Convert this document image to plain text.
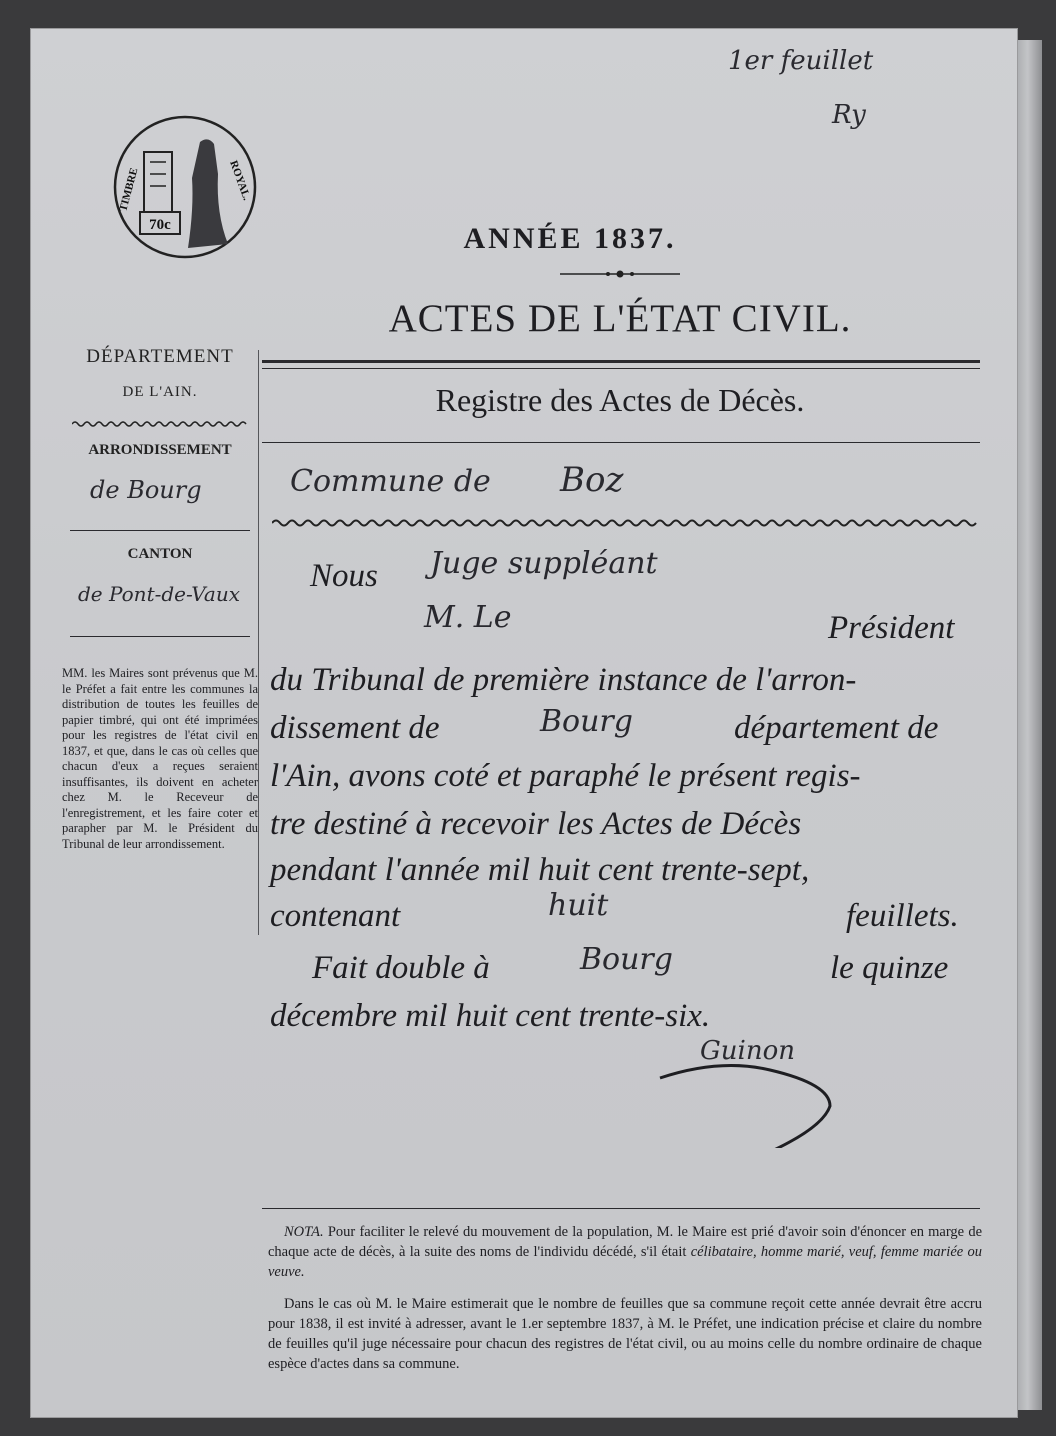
1er feuillet
Ry
70c
TIMBRE	ROYAL.
ANNÉE 1837.
ACTES DE L'ÉTAT CIVIL.
Registre des Actes de Décès.
Commune de Boz
DÉPARTEMENT
DE L'AIN.
ARRONDISSEMENT
de Bourg
CANTON
de Pont-de-Vaux
MM. les Maires sont prévenus que M. le Préfet a fait entre les communes la distribution de toutes les feuilles de papier timbré, qui ont été imprimées pour les registres de l'état civil en 1837, et que, dans le cas où celles que chacun d'eux a reçues seraient insuffisantes, ils doivent en acheter chez M. le Receveur de l'enregistrement, et les faire coter et parapher par M. le Président du Tribunal de leur arrondissement.
Nous	Juge suppléant
M. Le	Président
du Tribunal de première instance de l'arron-
dissement de	Bourg	département de
l'Ain, avons coté et paraphé le présent regis-
tre destiné à recevoir les Actes de Décès
pendant l'année mil huit cent trente-sept,
contenant	huit	feuillets.
Fait double à	Bourg	le quinze
décembre mil huit cent trente-six.
Guinon
NOTA. Pour faciliter le relevé du mouvement de la population, M. le Maire est prié d'avoir soin d'énoncer en marge de chaque acte de décès, à la suite des noms de l'individu décédé, s'il était célibataire, homme marié, veuf, femme mariée ou veuve.
Dans le cas où M. le Maire estimerait que le nombre de feuilles que sa commune reçoit cette année devrait être accru pour 1838, il est invité à adresser, avant le 1.er septembre 1837, à M. le Préfet, une indication précise et claire du nombre de feuilles qu'il juge nécessaire pour chacun des registres de l'état civil, ou au moins celle du nombre ordinaire de chaque espèce d'actes dans sa commune.
